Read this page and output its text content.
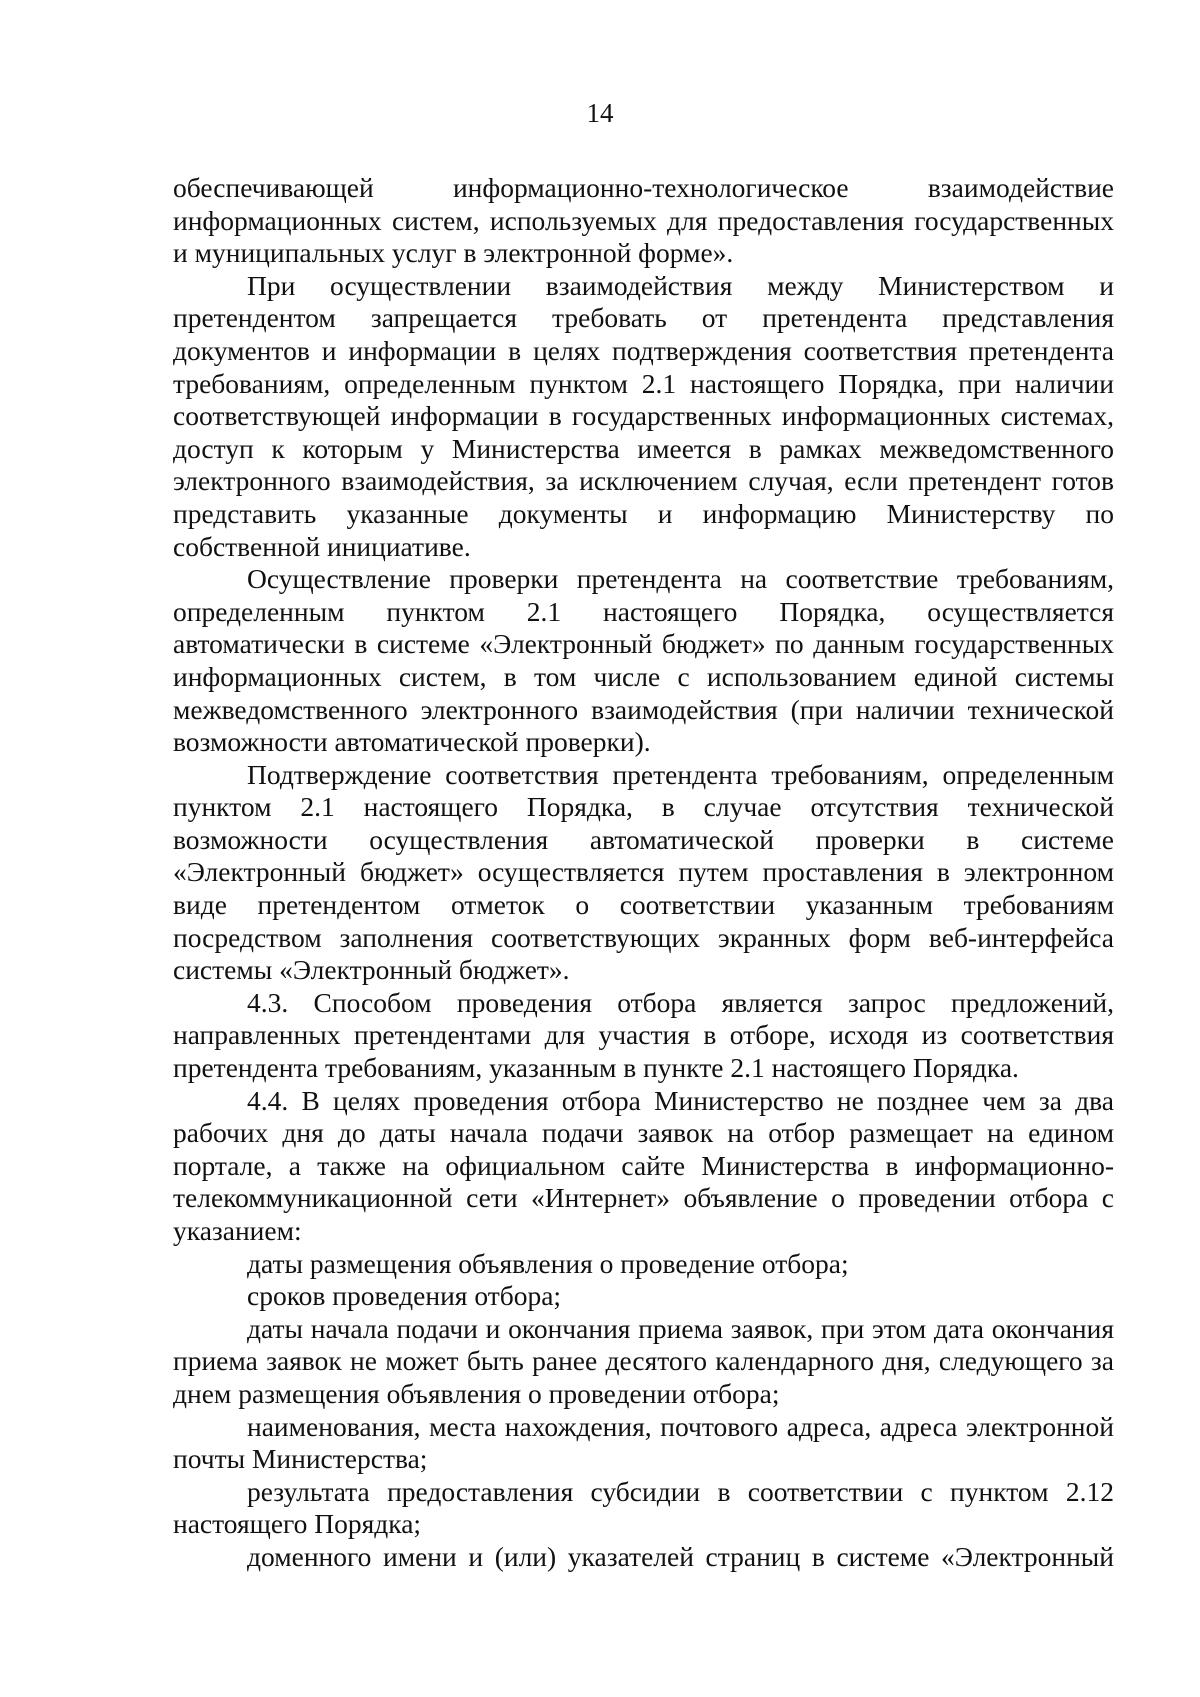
14

обеспечивающей информационно-технологическое взаимодействие информационных систем, используемых для предоставления государственных и муниципальных услуг в электронной форме».

При осуществлении взаимодействия между Министерством и претендентом запрещается требовать от претендента представления документов и информации в целях подтверждения соответствия претендента требованиям, определенным пунктом 2.1 настоящего Порядка, при наличии соответствующей информации в государственных информационных системах, доступ к которым у Министерства имеется в рамках межведомственного электронного взаимодействия, за исключением случая, если претендент готов представить указанные документы и информацию Министерству по собственной инициативе.

Осуществление проверки претендента на соответствие требованиям, определенным пунктом 2.1 настоящего Порядка, осуществляется автоматически в системе «Электронный бюджет» по данным государственных информационных систем, в том числе с использованием единой системы межведомственного электронного взаимодействия (при наличии технической возможности автоматической проверки).

Подтверждение соответствия претендента требованиям, определенным пунктом 2.1 настоящего Порядка, в случае отсутствия технической возможности осуществления автоматической проверки в системе «Электронный бюджет» осуществляется путем проставления в электронном виде претендентом отметок о соответствии указанным требованиям посредством заполнения соответствующих экранных форм веб-интерфейса системы «Электронный бюджет».

4.3. Способом проведения отбора является запрос предложений, направленных претендентами для участия в отборе, исходя из соответствия претендента требованиям, указанным в пункте 2.1 настоящего Порядка.

4.4. В целях проведения отбора Министерство не позднее чем за два рабочих дня до даты начала подачи заявок на отбор размещает на едином портале, а также на официальном сайте Министерства в информационно-телекоммуникационной сети «Интернет» объявление о проведении отбора с указанием:

даты размещения объявления о проведение отбора;

сроков проведения отбора;

даты начала подачи и окончания приема заявок, при этом дата окончания приема заявок не может быть ранее десятого календарного дня, следующего за днем размещения объявления о проведении отбора;

наименования, места нахождения, почтового адреса, адреса электронной почты Министерства;

результата предоставления субсидии в соответствии с пунктом 2.12 настоящего Порядка;

доменного имени и (или) указателей страниц в системе «Электронный
